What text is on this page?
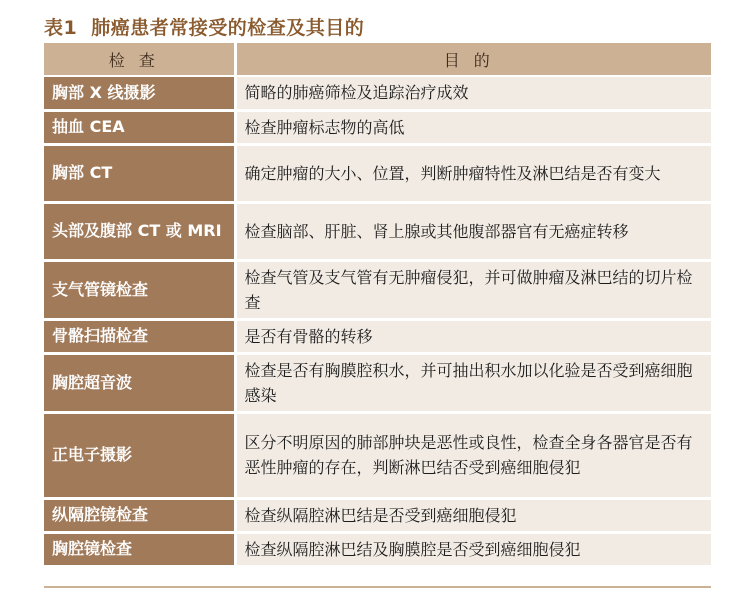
表1 肺癌患者常接受的检查及其目的
检查	目的
胸部 X 线摄影	简略的肺癌筛检及追踪治疗成效
抽血 CEA	检查肿瘤标志物的高低
胸部 CT	确定肿瘤的大小、位置，判断肿瘤特性及淋巴结是否有变大
头部及腹部 CT 或 MRI	检查脑部、肝脏、肾上腺或其他腹部器官有无癌症转移
支气管镜检查	检查气管及支气管有无肿瘤侵犯，并可做肿瘤及淋巴结的切片检查
骨骼扫描检查	是否有骨骼的转移
胸腔超音波	检查是否有胸膜腔积水，并可抽出积水加以化验是否受到癌细胞感染
正电子摄影	区分不明原因的肺部肿块是恶性或良性，检查全身各器官是否有恶性肿瘤的存在，判断淋巴结否受到癌细胞侵犯
纵隔腔镜检查	检查纵隔腔淋巴结是否受到癌细胞侵犯
胸腔镜检查	检查纵隔腔淋巴结及胸膜腔是否受到癌细胞侵犯
